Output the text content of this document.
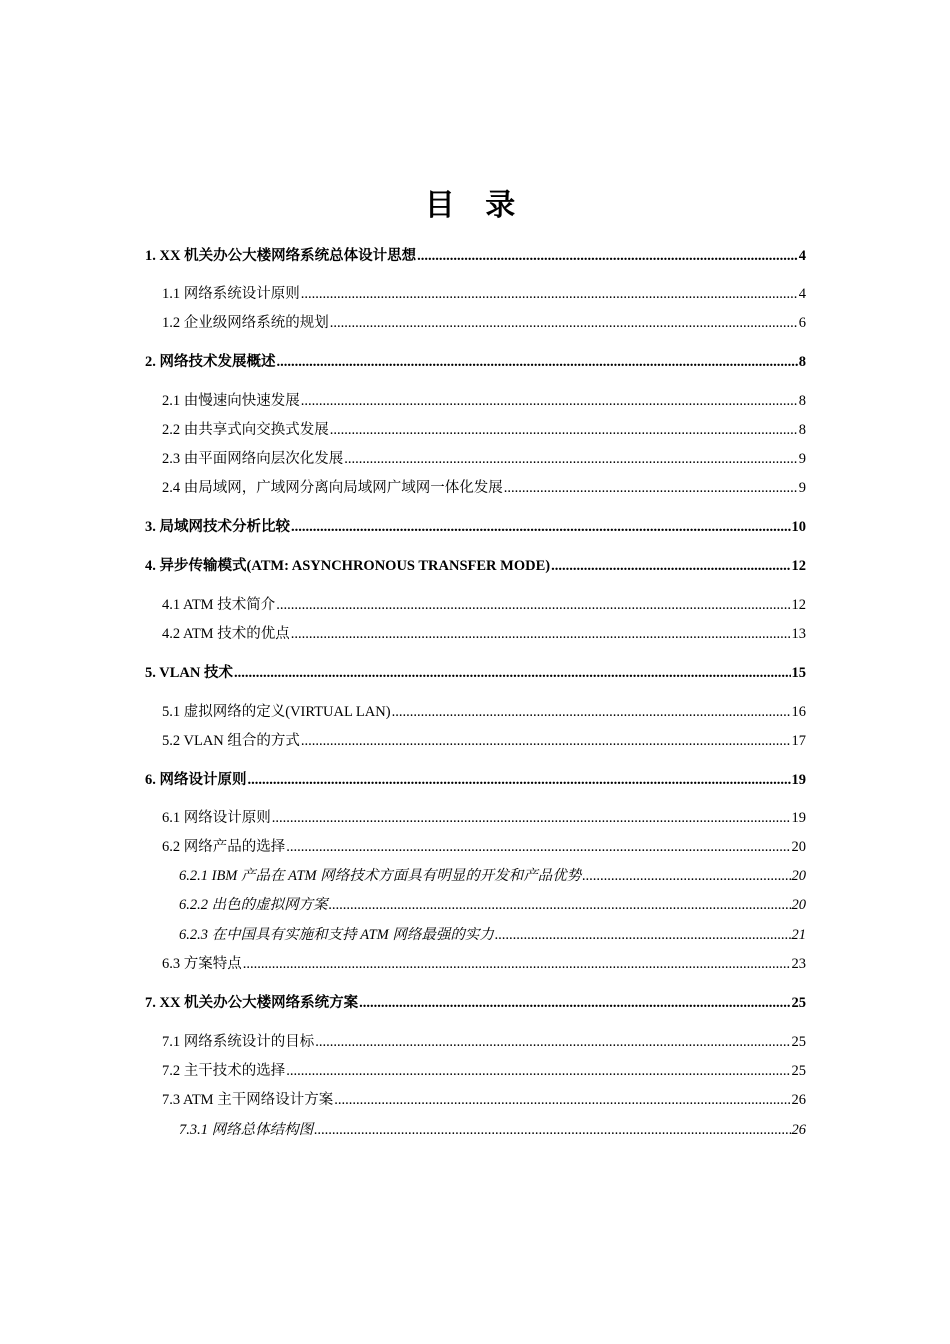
目 录
1. XX 机关办公大楼网络系统总体设计思想 .....	4
1.1 网络系统设计原则 .....	4
1.2 企业级网络系统的规划 .....	6
2. 网络技术发展概述 .....	8
2.1 由慢速向快速发展 .....	8
2.2 由共享式向交换式发展 .....	8
2.3 由平面网络向层次化发展 .....	9
2.4 由局域网，广域网分离向局域网广域网一体化发展 .....	9
3. 局域网技术分析比较 .....	10
4. 异步传输模式(ATM: ASYNCHRONOUS TRANSFER MODE) .....	12
4.1 ATM 技术简介 .....	12
4.2 ATM 技术的优点 .....	13
5. VLAN 技术 .....	15
5.1 虚拟网络的定义(VIRTUAL LAN) .....	16
5.2 VLAN 组合的方式 .....	17
6. 网络设计原则 .....	19
6.1 网络设计原则 .....	19
6.2 网络产品的选择 .....	20
6.2.1 IBM 产品在 ATM 网络技术方面具有明显的开发和产品优势 .....	20
6.2.2 出色的虚拟网方案 .....	20
6.2.3 在中国具有实施和支持 ATM 网络最强的实力 .....	21
6.3 方案特点 .....	23
7. XX 机关办公大楼网络系统方案 .....	25
7.1 网络系统设计的目标 .....	25
7.2 主干技术的选择 .....	25
7.3 ATM 主干网络设计方案 .....	26
7.3.1 网络总体结构图 .....	26
